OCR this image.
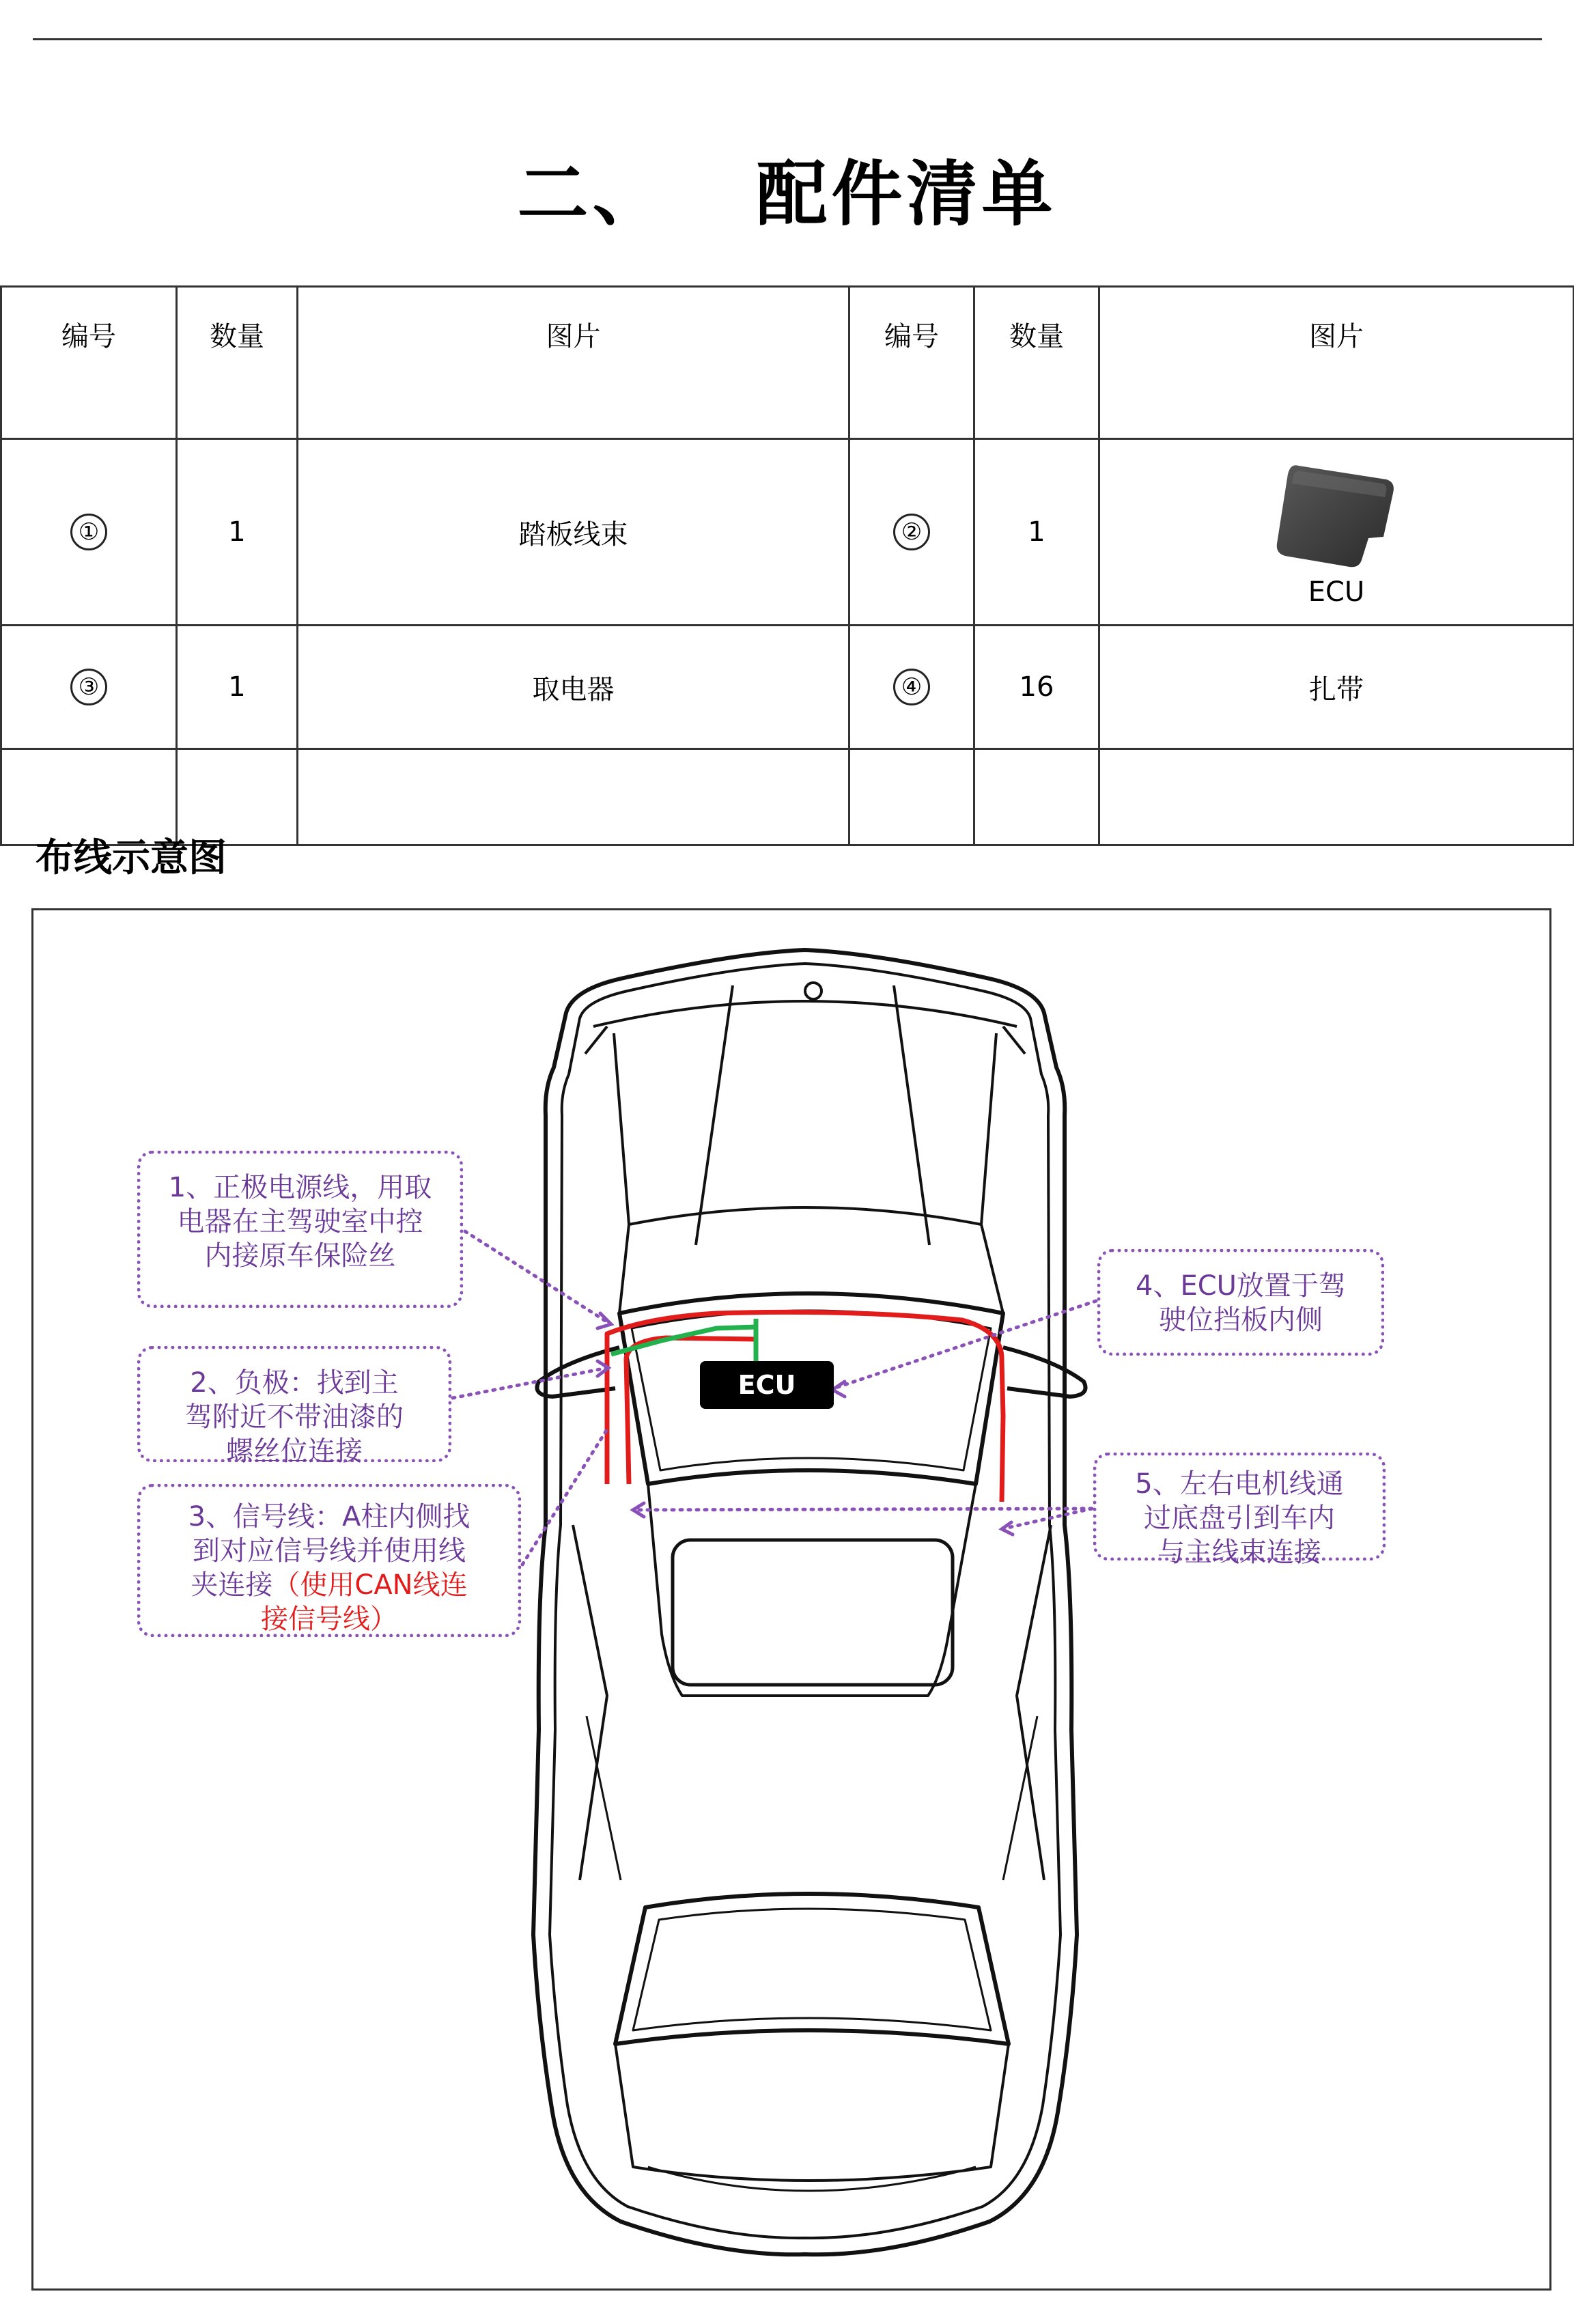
二、 配件清单
编号	数量	图片	编号	数量	图片
①	1	踏板线束	②	1	ECU

③	1	取电器	④	16	扎带

布线示意图
ECU
1、正极电源线，用取
电器在主驾驶室中控
内接原车保险丝
2、负极：找到主
驾附近不带油漆的
螺丝位连接
3、信号线：A柱内侧找
到对应信号线并使用线
夹连接（使用CAN线连
接信号线）
4、ECU放置于驾
驶位挡板内侧
5、左右电机线通
过底盘引到车内
与主线束连接
